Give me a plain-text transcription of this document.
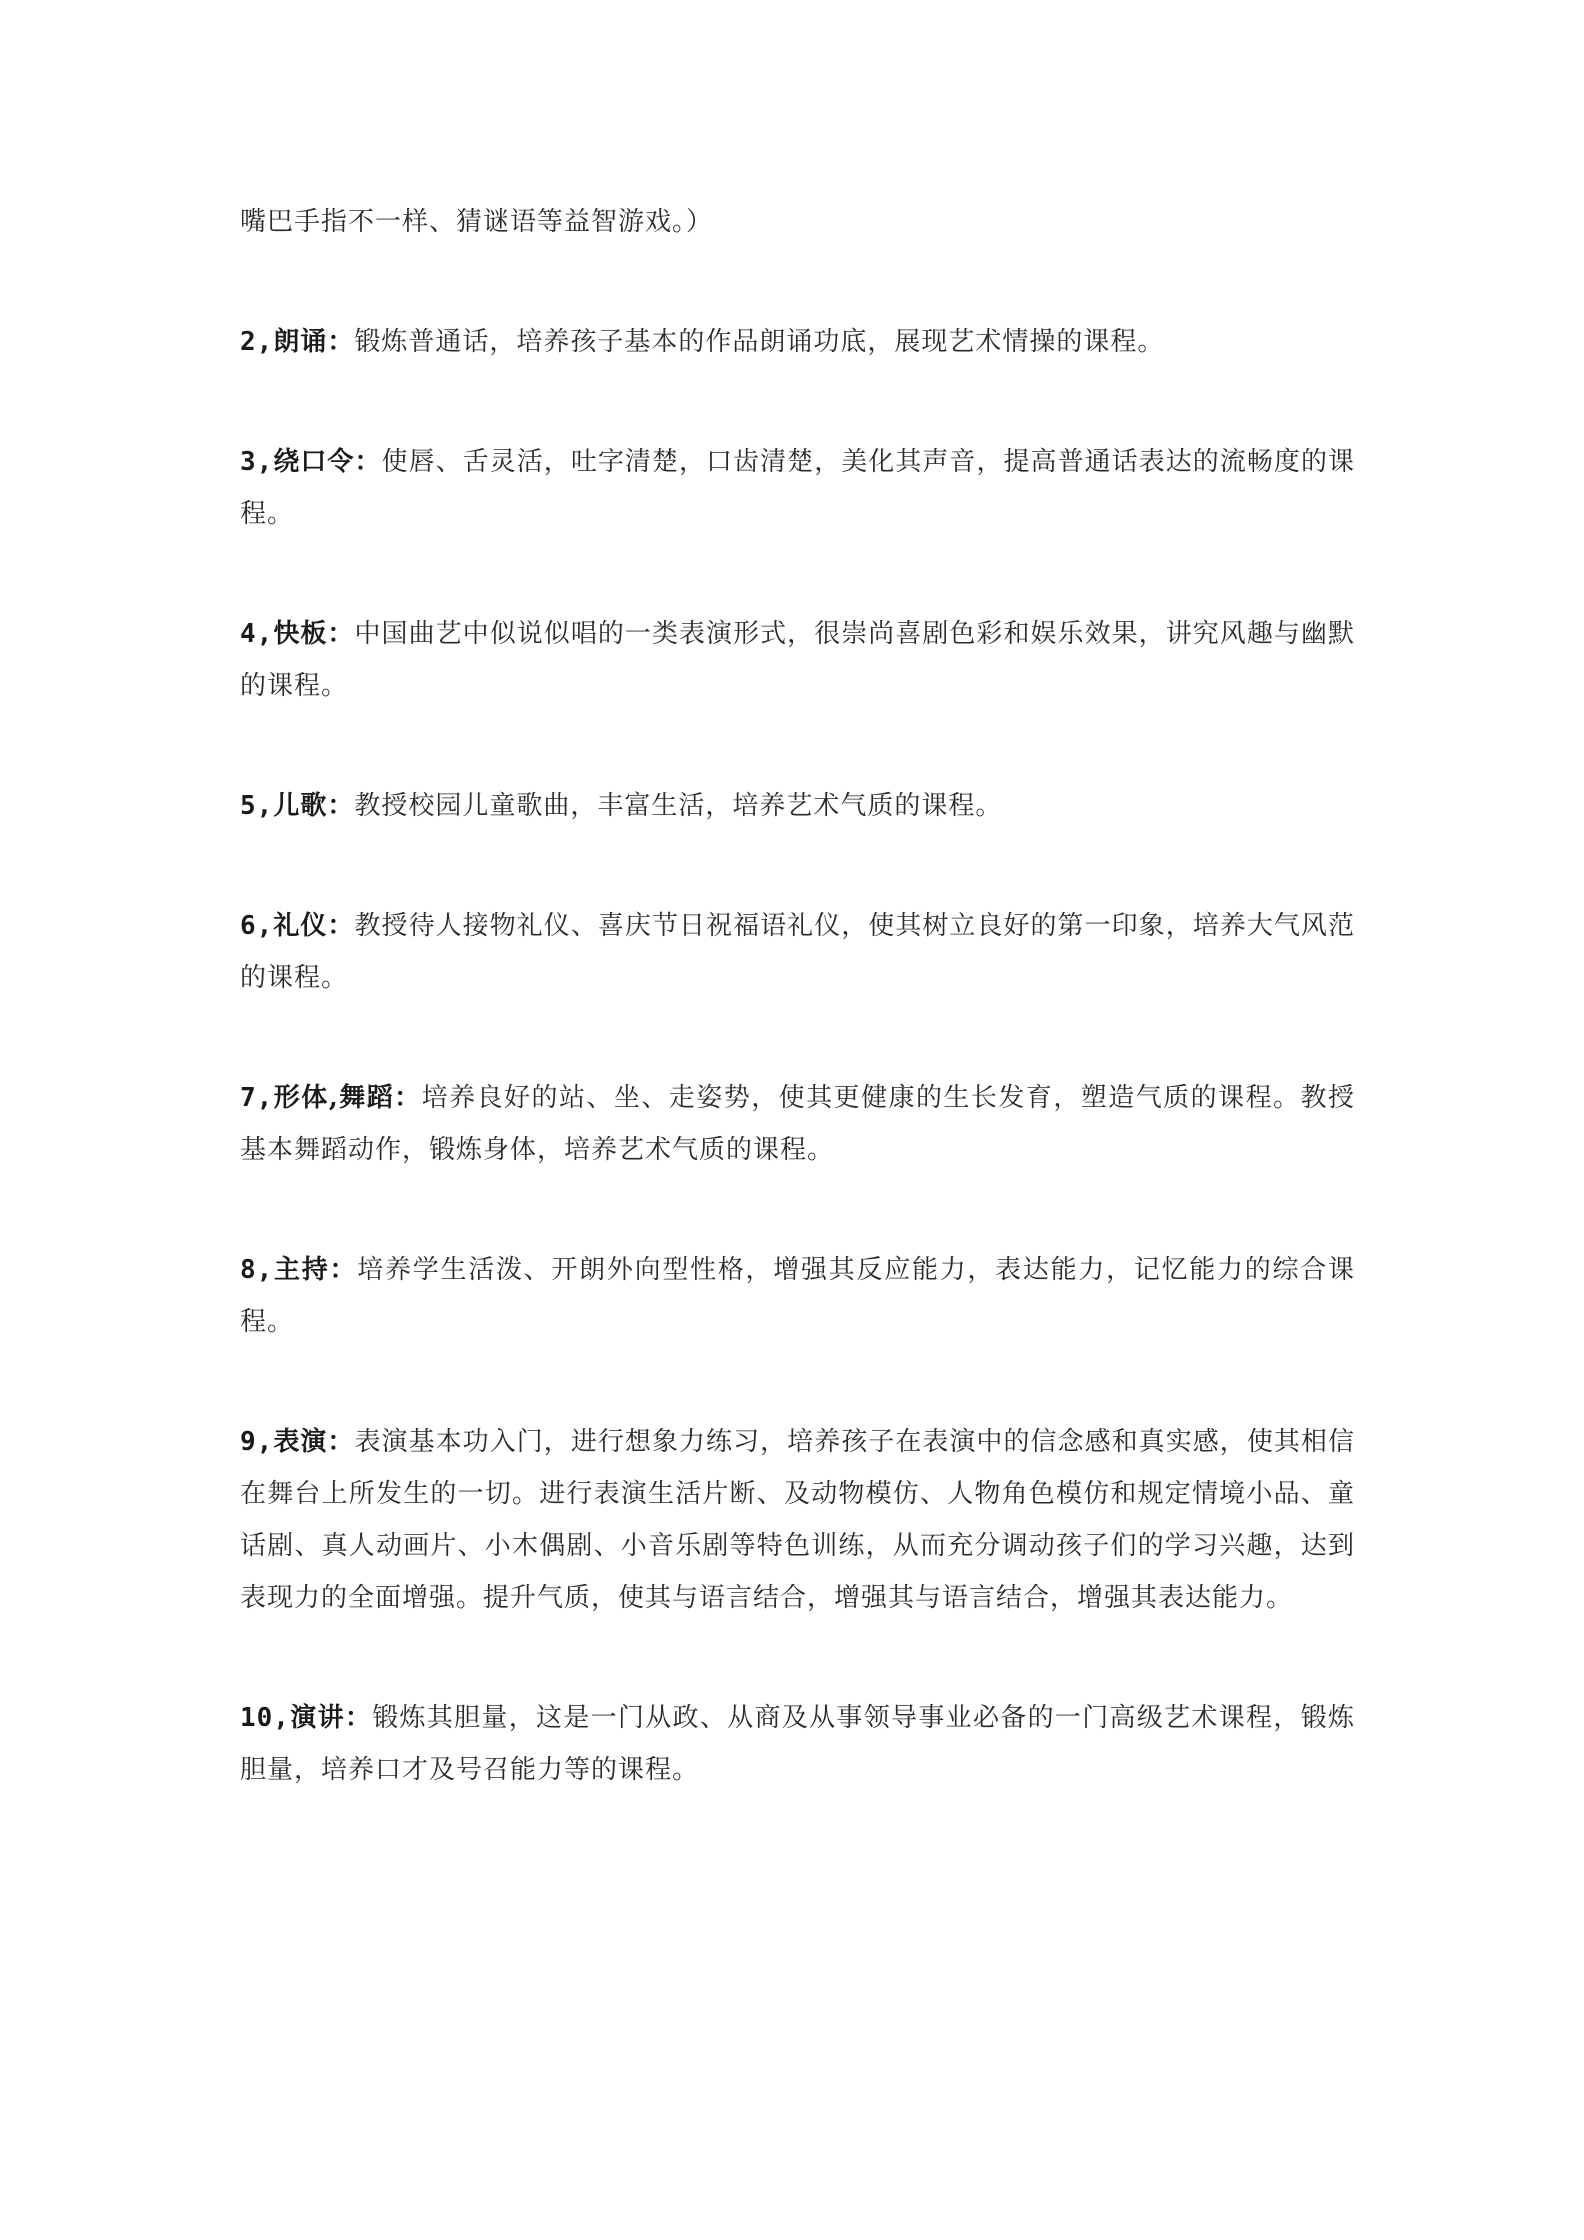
嘴巴手指不一样、猜谜语等益智游戏。）

2,朗诵：锻炼普通话，培养孩子基本的作品朗诵功底，展现艺术情操的课程。

3,绕口令：使唇、舌灵活，吐字清楚，口齿清楚，美化其声音，提高普通话表达的流畅度的课程。

4,快板：中国曲艺中似说似唱的一类表演形式，很崇尚喜剧色彩和娱乐效果，讲究风趣与幽默的课程。

5,儿歌：教授校园儿童歌曲，丰富生活，培养艺术气质的课程。

6,礼仪：教授待人接物礼仪、喜庆节日祝福语礼仪，使其树立良好的第一印象，培养大气风范的课程。

7,形体,舞蹈：培养良好的站、坐、走姿势，使其更健康的生长发育，塑造气质的课程。教授基本舞蹈动作，锻炼身体，培养艺术气质的课程。

8,主持：培养学生活泼、开朗外向型性格，增强其反应能力，表达能力，记忆能力的综合课程。

9,表演：表演基本功入门，进行想象力练习，培养孩子在表演中的信念感和真实感，使其相信在舞台上所发生的一切。进行表演生活片断、及动物模仿、人物角色模仿和规定情境小品、童话剧、真人动画片、小木偶剧、小音乐剧等特色训练，从而充分调动孩子们的学习兴趣，达到表现力的全面增强。提升气质，使其与语言结合，增强其与语言结合，增强其表达能力。

10,演讲：锻炼其胆量，这是一门从政、从商及从事领导事业必备的一门高级艺术课程，锻炼胆量，培养口才及号召能力等的课程。
